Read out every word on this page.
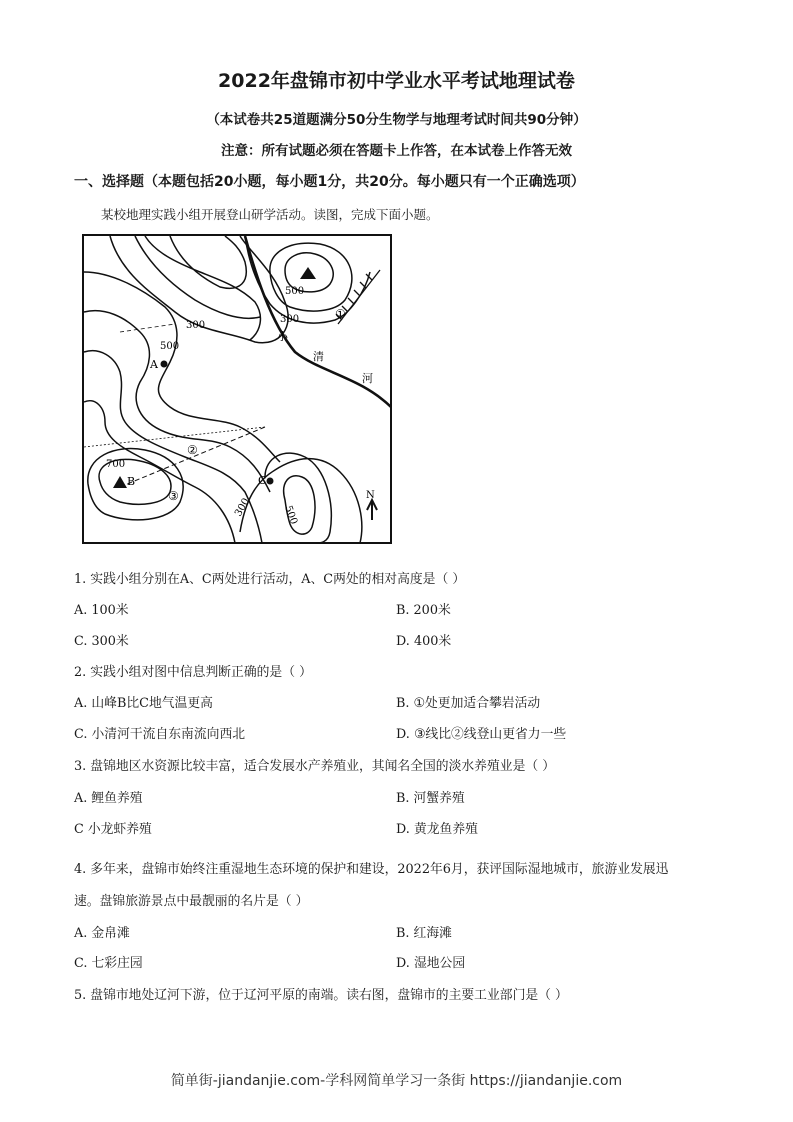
2022年盘锦市初中学业水平考试地理试卷
（本试卷共25道题满分50分生物学与地理考试时间共90分钟）
注意：所有试题必须在答题卡上作答，在本试卷上作答无效
一、选择题（本题包括20小题，每小题1分，共20分。每小题只有一个正确选项）
某校地理实践小组开展登山研学活动。读图，完成下面小题。
N
500
300
300
500
700
300	500
A
B	C
①
②
③
小
清
河
1. 实践小组分别在A、C两处进行活动，A、C两处的相对高度是（ ）
A. 100米	B. 200米
C. 300米	D. 400米
2. 实践小组对图中信息判断正确的是（ ）
A. 山峰B比C地气温更高	B. ①处更加适合攀岩活动
C. 小清河干流自东南流向西北	D. ③线比②线登山更省力一些
3. 盘锦地区水资源比较丰富，适合发展水产养殖业，其闻名全国的淡水养殖业是（ ）
A. 鲤鱼养殖	B. 河蟹养殖
C 小龙虾养殖	D. 黄龙鱼养殖
4. 多年来，盘锦市始终注重湿地生态环境的保护和建设，2022年6月，获评国际湿地城市，旅游业发展迅
速。盘锦旅游景点中最靓丽的名片是（ ）
A. 金帛滩	B. 红海滩
C. 七彩庄园	D. 湿地公园
5. 盘锦市地处辽河下游，位于辽河平原的南端。读右图，盘锦市的主要工业部门是（ ）
简单街-jiandanjie.com-学科网简单学习一条街 https://jiandanjie.com
